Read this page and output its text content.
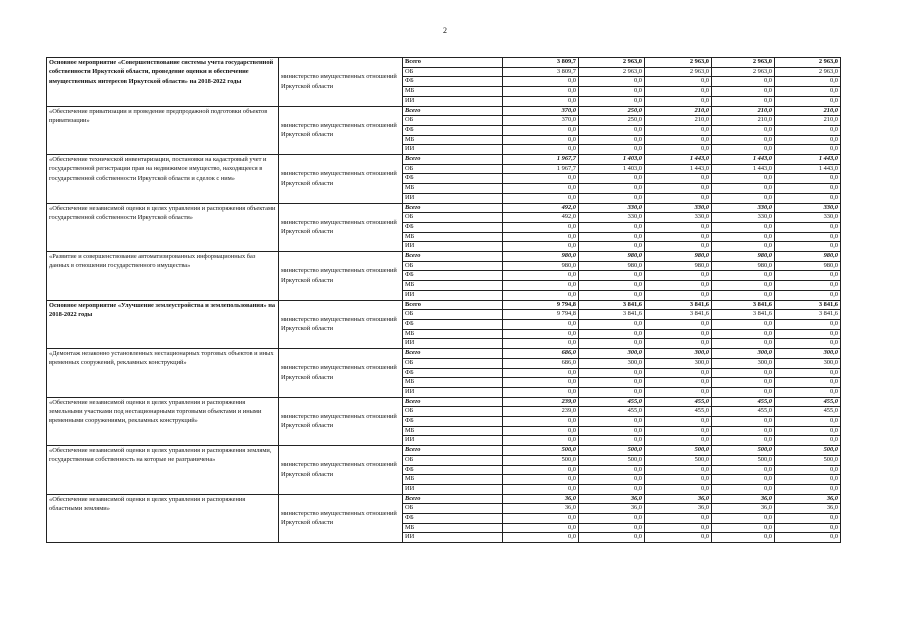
2
Основное мероприятие «Совершенствование системы учета государственной собственности Иркутской области, проведение оценки и обеспечение имущественных интересов Иркутской области» на 2018-2022 годы	министерство имущественных отношений Иркутской области	Всего	3 809,7	2 963,0	2 963,0	2 963,0	2 963,0
		ОБ	3 809,7	2 963,0	2 963,0	2 963,0	2 963,0
		ФБ	0,0	0,0	0,0	0,0	0,0
		МБ	0,0	0,0	0,0	0,0	0,0
		ИИ	0,0	0,0	0,0	0,0	0,0
«Обеспечение приватизации и проведение предпродажной подготовки объектов приватизации»	министерство имущественных отношений Иркутской области	Всего	370,0	250,0	210,0	210,0	210,0
		ОБ	370,0	250,0	210,0	210,0	210,0
		ФБ	0,0	0,0	0,0	0,0	0,0
		МБ	0,0	0,0	0,0	0,0	0,0
		ИИ	0,0	0,0	0,0	0,0	0,0
«Обеспечение технической инвентаризации, постановки на кадастровый учет и государственной регистрации прав на недвижимое имущество, находящееся в государственной собственности Иркутской области и сделок с ним»	министерство имущественных отношений Иркутской области	Всего	1 967,7	1 403,0	1 443,0	1 443,0	1 443,0
		ОБ	1 967,7	1 403,0	1 443,0	1 443,0	1 443,0
		ФБ	0,0	0,0	0,0	0,0	0,0
		МБ	0,0	0,0	0,0	0,0	0,0
		ИИ	0,0	0,0	0,0	0,0	0,0
«Обеспечение независимой оценки в целях управления и распоряжения объектами государственной собственности Иркутской области»	министерство имущественных отношений Иркутской области	Всего	492,0	330,0	330,0	330,0	330,0
		ОБ	492,0	330,0	330,0	330,0	330,0
		ФБ	0,0	0,0	0,0	0,0	0,0
		МБ	0,0	0,0	0,0	0,0	0,0
		ИИ	0,0	0,0	0,0	0,0	0,0
«Развитие и совершенствование автоматизированных информационных баз данных в отношении государственного имущества»	министерство имущественных отношений Иркутской области	Всего	980,0	980,0	980,0	980,0	980,0
		ОБ	980,0	980,0	980,0	980,0	980,0
		ФБ	0,0	0,0	0,0	0,0	0,0
		МБ	0,0	0,0	0,0	0,0	0,0
		ИИ	0,0	0,0	0,0	0,0	0,0
Основное мероприятие «Улучшение землеустройства и землепользования» на 2018-2022 годы	министерство имущественных отношений Иркутской области	Всего	9 794,8	3 841,6	3 841,6	3 841,6	3 841,6
		ОБ	9 794,8	3 841,6	3 841,6	3 841,6	3 841,6
		ФБ	0,0	0,0	0,0	0,0	0,0
		МБ	0,0	0,0	0,0	0,0	0,0
		ИИ	0,0	0,0	0,0	0,0	0,0
«Демонтаж незаконно установленных нестационарных торговых объектов и иных временных сооружений, рекламных конструкций»	министерство имущественных отношений Иркутской области	Всего	686,0	300,0	300,0	300,0	300,0
		ОБ	686,0	300,0	300,0	300,0	300,0
		ФБ	0,0	0,0	0,0	0,0	0,0
		МБ	0,0	0,0	0,0	0,0	0,0
		ИИ	0,0	0,0	0,0	0,0	0,0
«Обеспечение независимой оценки в целях управления и распоряжения земельными участками под нестационарными торговыми объектами и иными временными сооружениями, рекламных конструкций»	министерство имущественных отношений Иркутской области	Всего	239,0	455,0	455,0	455,0	455,0
		ОБ	239,0	455,0	455,0	455,0	455,0
		ФБ	0,0	0,0	0,0	0,0	0,0
		МБ	0,0	0,0	0,0	0,0	0,0
		ИИ	0,0	0,0	0,0	0,0	0,0
«Обеспечение независимой оценки в целях управления и распоряжения землями, государственная собственность на которые не разграничена»	министерство имущественных отношений Иркутской области	Всего	500,0	500,0	500,0	500,0	500,0
		ОБ	500,0	500,0	500,0	500,0	500,0
		ФБ	0,0	0,0	0,0	0,0	0,0
		МБ	0,0	0,0	0,0	0,0	0,0
		ИИ	0,0	0,0	0,0	0,0	0,0
«Обеспечение независимой оценки в целях управления и распоряжения областными землями»	министерство имущественных отношений Иркутской области	Всего	36,0	36,0	36,0	36,0	36,0
		ОБ	36,0	36,0	36,0	36,0	36,0
		ФБ	0,0	0,0	0,0	0,0	0,0
		МБ	0,0	0,0	0,0	0,0	0,0
		ИИ	0,0	0,0	0,0	0,0	0,0
